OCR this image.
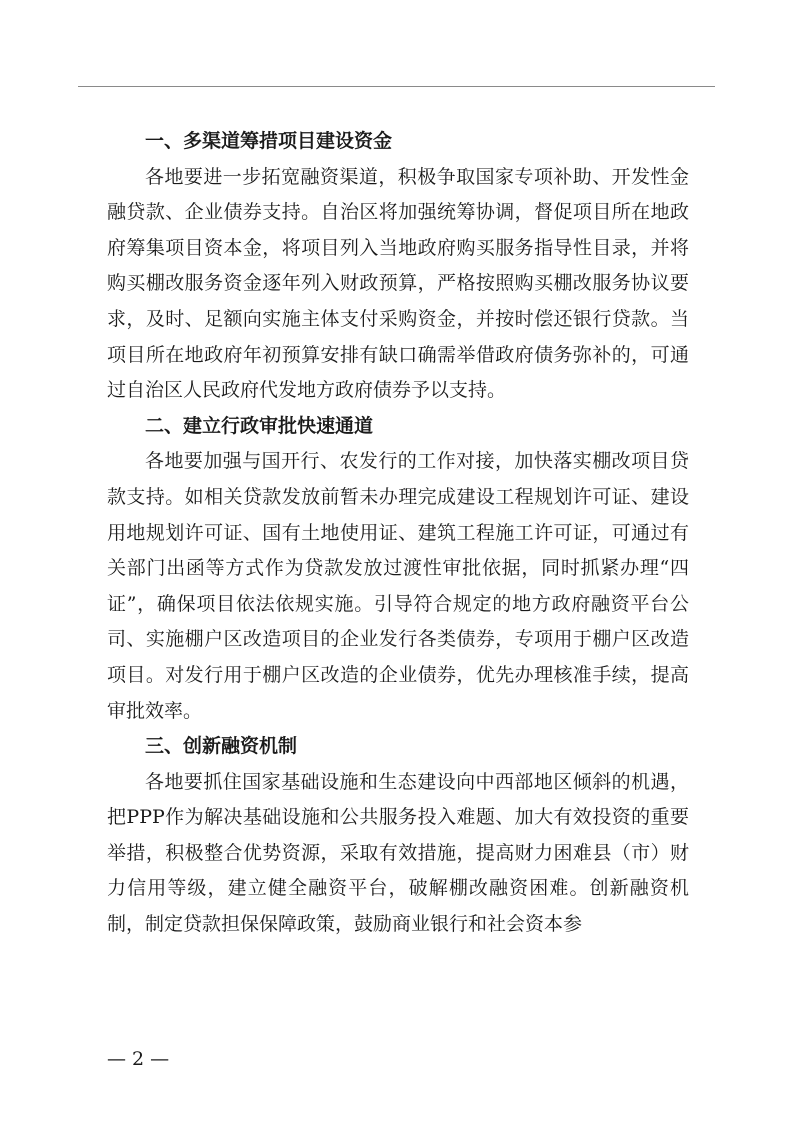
一、多渠道筹措项目建设资金

各地要进一步拓宽融资渠道，积极争取国家专项补助、开发性金融贷款、企业债券支持。自治区将加强统筹协调，督促项目所在地政府筹集项目资本金，将项目列入当地政府购买服务指导性目录，并将购买棚改服务资金逐年列入财政预算，严格按照购买棚改服务协议要求，及时、足额向实施主体支付采购资金，并按时偿还银行贷款。当项目所在地政府年初预算安排有缺口确需举借政府债务弥补的，可通过自治区人民政府代发地方政府债券予以支持。

二、建立行政审批快速通道

各地要加强与国开行、农发行的工作对接，加快落实棚改项目贷款支持。如相关贷款发放前暂未办理完成建设工程规划许可证、建设用地规划许可证、国有土地使用证、建筑工程施工许可证，可通过有关部门出函等方式作为贷款发放过渡性审批依据，同时抓紧办理“四证”，确保项目依法依规实施。引导符合规定的地方政府融资平台公司、实施棚户区改造项目的企业发行各类债券，专项用于棚户区改造项目。对发行用于棚户区改造的企业债券，优先办理核准手续，提高审批效率。

三、创新融资机制

各地要抓住国家基础设施和生态建设向中西部地区倾斜的机遇，把PPP作为解决基础设施和公共服务投入难题、加大有效投资的重要举措，积极整合优势资源，采取有效措施，提高财力困难县（市）财力信用等级，建立健全融资平台，破解棚改融资困难。创新融资机制，制定贷款担保保障政策，鼓励商业银行和社会资本参

— 2 —
